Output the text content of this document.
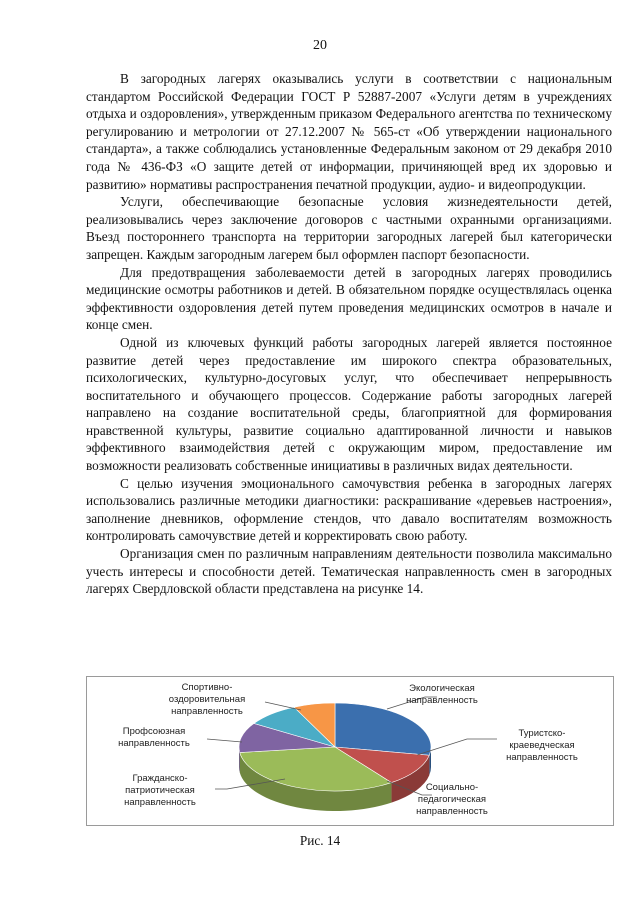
20

В загородных лагерях оказывались услуги в соответствии с национальным стандартом Российской Федерации ГОСТ Р 52887-2007 «Услуги детям в учреждениях отдыха и оздоровления», утвержденным приказом Федерального агентства по техническому регулированию и метрологии от 27.12.2007 № 565-ст «Об утверждении национального стандарта», а также соблюдались установленные Федеральным законом от 29 декабря 2010 года № 436-ФЗ «О защите детей от информации, причиняющей вред их здоровью и развитию» нормативы распространения печатной продукции, аудио- и видеопродукции.

Услуги, обеспечивающие безопасные условия жизнедеятельности детей, реализовывались через заключение договоров с частными охранными организациями. Въезд постороннего транспорта на территории загородных лагерей был категорически запрещен. Каждым загородным лагерем был оформлен паспорт безопасности.

Для предотвращения заболеваемости детей в загородных лагерях проводились медицинские осмотры работников и детей. В обязательном порядке осуществлялась оценка эффективности оздоровления детей путем проведения медицинских осмотров в начале и конце смен.

Одной из ключевых функций работы загородных лагерей является постоянное развитие детей через предоставление им широкого спектра образовательных, психологических, культурно-досуговых услуг, что обеспечивает непрерывность воспитательного и обучающего процессов. Содержание работы загородных лагерей направлено на создание воспитательной среды, благоприятной для формирования нравственной культуры, развитие социально адаптированной личности и навыков эффективного взаимодействия детей с окружающим миром, предоставление им возможности реализовать собственные инициативы в различных видах деятельности.

С целью изучения эмоционального самочувствия ребенка в загородных лагерях использовались различные методики диагностики: раскрашивание «деревьев настроения», заполнение дневников, оформление стендов, что давало воспитателям возможность контролировать самочувствие детей и корректировать свою работу.

Организация смен по различным направлениям деятельности позволила максимально учесть интересы и способности детей. Тематическая направленность смен в загородных лагерях Свердловской области представлена на рисунке 14.

Экологическая
направленность
Туристско-
краеведческая
направленность
Социально-
педагогическая
направленность
Гражданско-
патриотическая
направленность
Профсоюзная
направленность
Спортивно-
оздоровительная
направленность
Рис. 14
